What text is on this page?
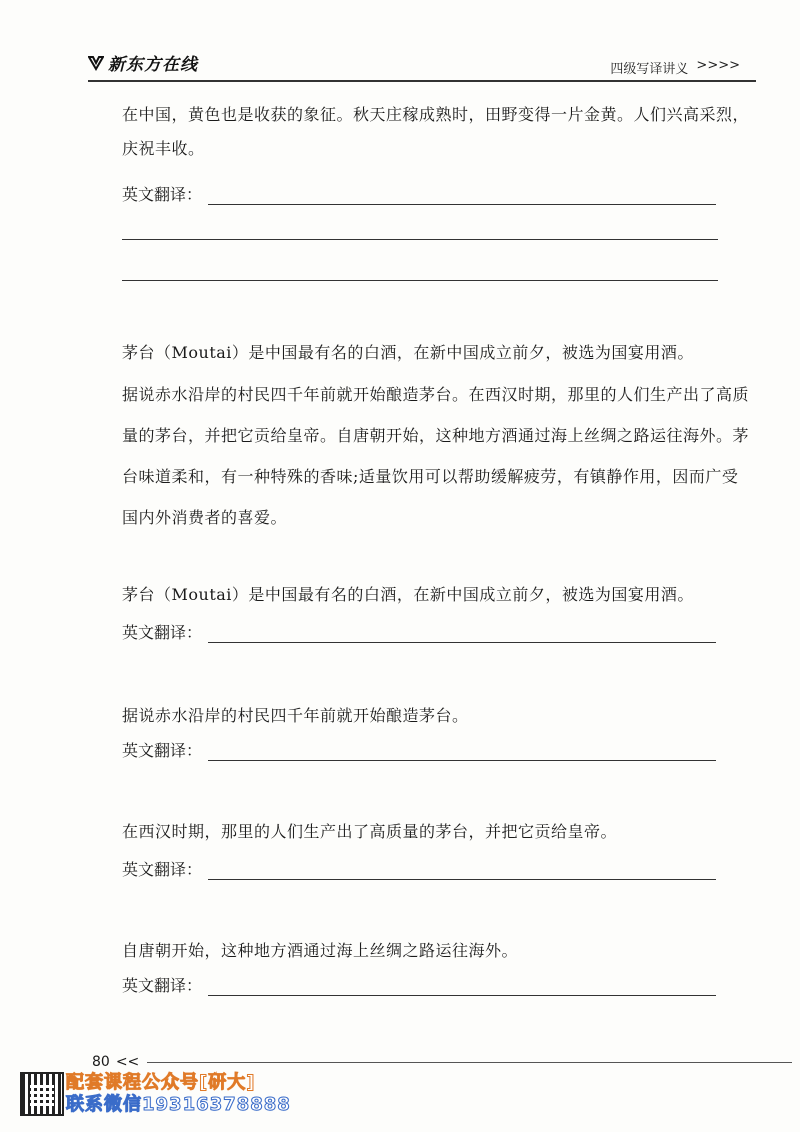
新东方在线	四级写译讲义 >>>>
在中国，黄色也是收获的象征。秋天庄稼成熟时，田野变得一片金黄。人们兴高采烈，庆祝丰收。
英文翻译：
茅台（Moutai）是中国最有名的白酒，在新中国成立前夕，被选为国宴用酒。
据说赤水沿岸的村民四千年前就开始酿造茅台。在西汉时期，那里的人们生产出了高质量的茅台，并把它贡给皇帝。自唐朝开始，这种地方酒通过海上丝绸之路运往海外。茅台味道柔和，有一种特殊的香味;适量饮用可以帮助缓解疲劳，有镇静作用，因而广受国内外消费者的喜爱。
茅台（Moutai）是中国最有名的白酒，在新中国成立前夕，被选为国宴用酒。
英文翻译：
据说赤水沿岸的村民四千年前就开始酿造茅台。
英文翻译：
在西汉时期，那里的人们生产出了高质量的茅台，并把它贡给皇帝。
英文翻译：
自唐朝开始，这种地方酒通过海上丝绸之路运往海外。
英文翻译：
80 <<
配套课程公众号[研大]
联系微信19316378888
